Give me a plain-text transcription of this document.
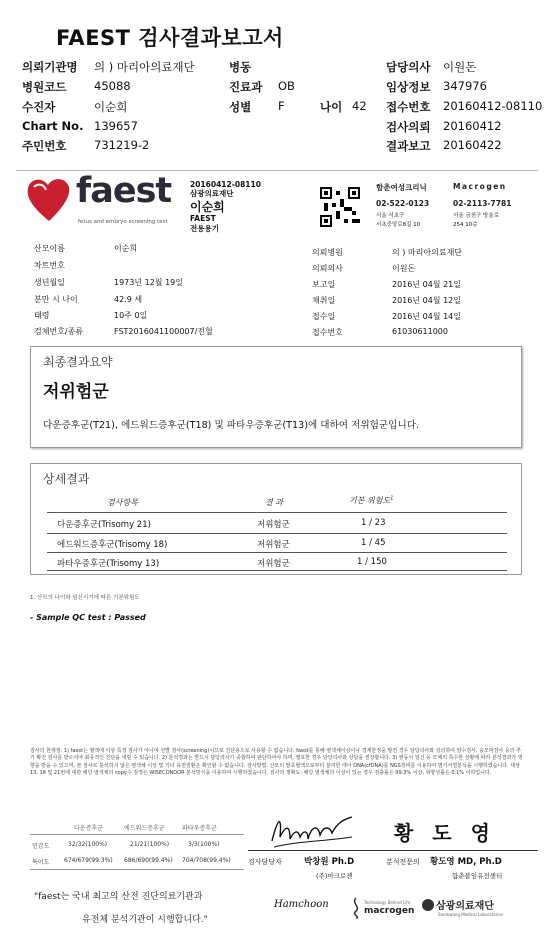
FAEST 검사결과보고서
의뢰기관명 의 ) 마리아의료재단
병원코드 45088
수진자	이순희
Chart No. 139657
주민번호 731219-2
병동
진료과 OB
성별 F	나이 42
담당의사 이원돈
임상정보 347976
접수번호 20160412-08110
검사의뢰 20160412
결과보고 20160422
faest
fetus and embryo screening test
20160412-08110
삼광의료재단
이순희
FAEST
전용용기
함춘여성크리닉
02-522-0123
서울 서초구
서초중앙로8길 10
Macrogen
02-2113-7781
서울 금천구 방울로
254 10층
산모이름	이순희
차트번호
생년월일	1973년 12월 19일
분만 시 나이	42.9 세
태령	10주 0일
검체번호/종류	FST2016041100007/전혈
의뢰병원	의 ) 마리아의료재단
의뢰의사	이원돈
보고일	2016년 04월 21일
채취일	2016년 04월 12일
접수일	2016년 04월 14일
접수번호	61030611000
최종결과요약
저위험군
다운증후군(T21), 에드워드증후군(T18) 및 파타우증후군(T13)에 대하여 저위험군입니다.
상세결과
검사항목	결 과	기본 위험도$^1$
다운증후군(Trisomy 21)	저위험군	1 / 23
에드워드증후군(Trisomy 18)	저위험군	1 / 45
파타우증후군(Trisomy 13)	저위험군	1 / 150
1. 산모의 나이와 임신시기에 따른 기본위험도
- Sample QC test : Passed
검사의 한계점: 1) faest는 혈액에 이상 특정 검사가 아니며 선별 검사(screening)이므로 진단용으로 사용할 수 없습니다. faest를 통해 염색체이상이나 경계한정을 발견 경우 담당의사와 상의하여 양수검사, 융모막검사 등의 추가 확진 검사를 받으셔야 최종적인 진단을 내릴 수 있습니다. 2) 분석결과는 반드시 담당의사가 종합하여 판단하여야 하며, 필요한 경우 담당의사와 상담을 권장합니다. 3) 쌍둥이 임신 등 모체의 특수한 상황에 따라 분석결과가 영향을 받을 수 있으며, 본 검사로 분석하지 않은 염색체 이상 및 기타 유전질환은 확인할 수 없습니다. 검사방법: 산모의 말초혈액으로부터 분리한 태아 DNA(cfDNA)를 NGS장비를 이용하여 염기서열분석을 시행하였습니다. 대상 13, 18 및 21번에 대한 해당 염색체의 copy수 검정은 WISECONDOR 분석방식을 이용하여 시행하였습니다. 검사의 정확도: 해당 염색체의 이상이 있는 경우 검출률은 99.3% 이상, 위양성률은 0.1% 이하입니다.
다운증후군	에드워드증후군	파타우증후군
민감도	32/32(100%)	21/21(100%)	3/3(100%)
특이도 674/679(99.3%) 686/690(99.4%) 704/708(99.4%)
황 도 영
검사담당자	박창원 Ph.D
(주)마크로젠
분석전문의 황도영 MD, Ph.D
함춘불임유전센터
"faest는 국내 최고의 산전 진단의료기관과
유전체 분석기관이 시행합니다."
Hamchoon	Technology Behind Life
macrogen 삼광의료재단
Samkwang Medical Laboratories
